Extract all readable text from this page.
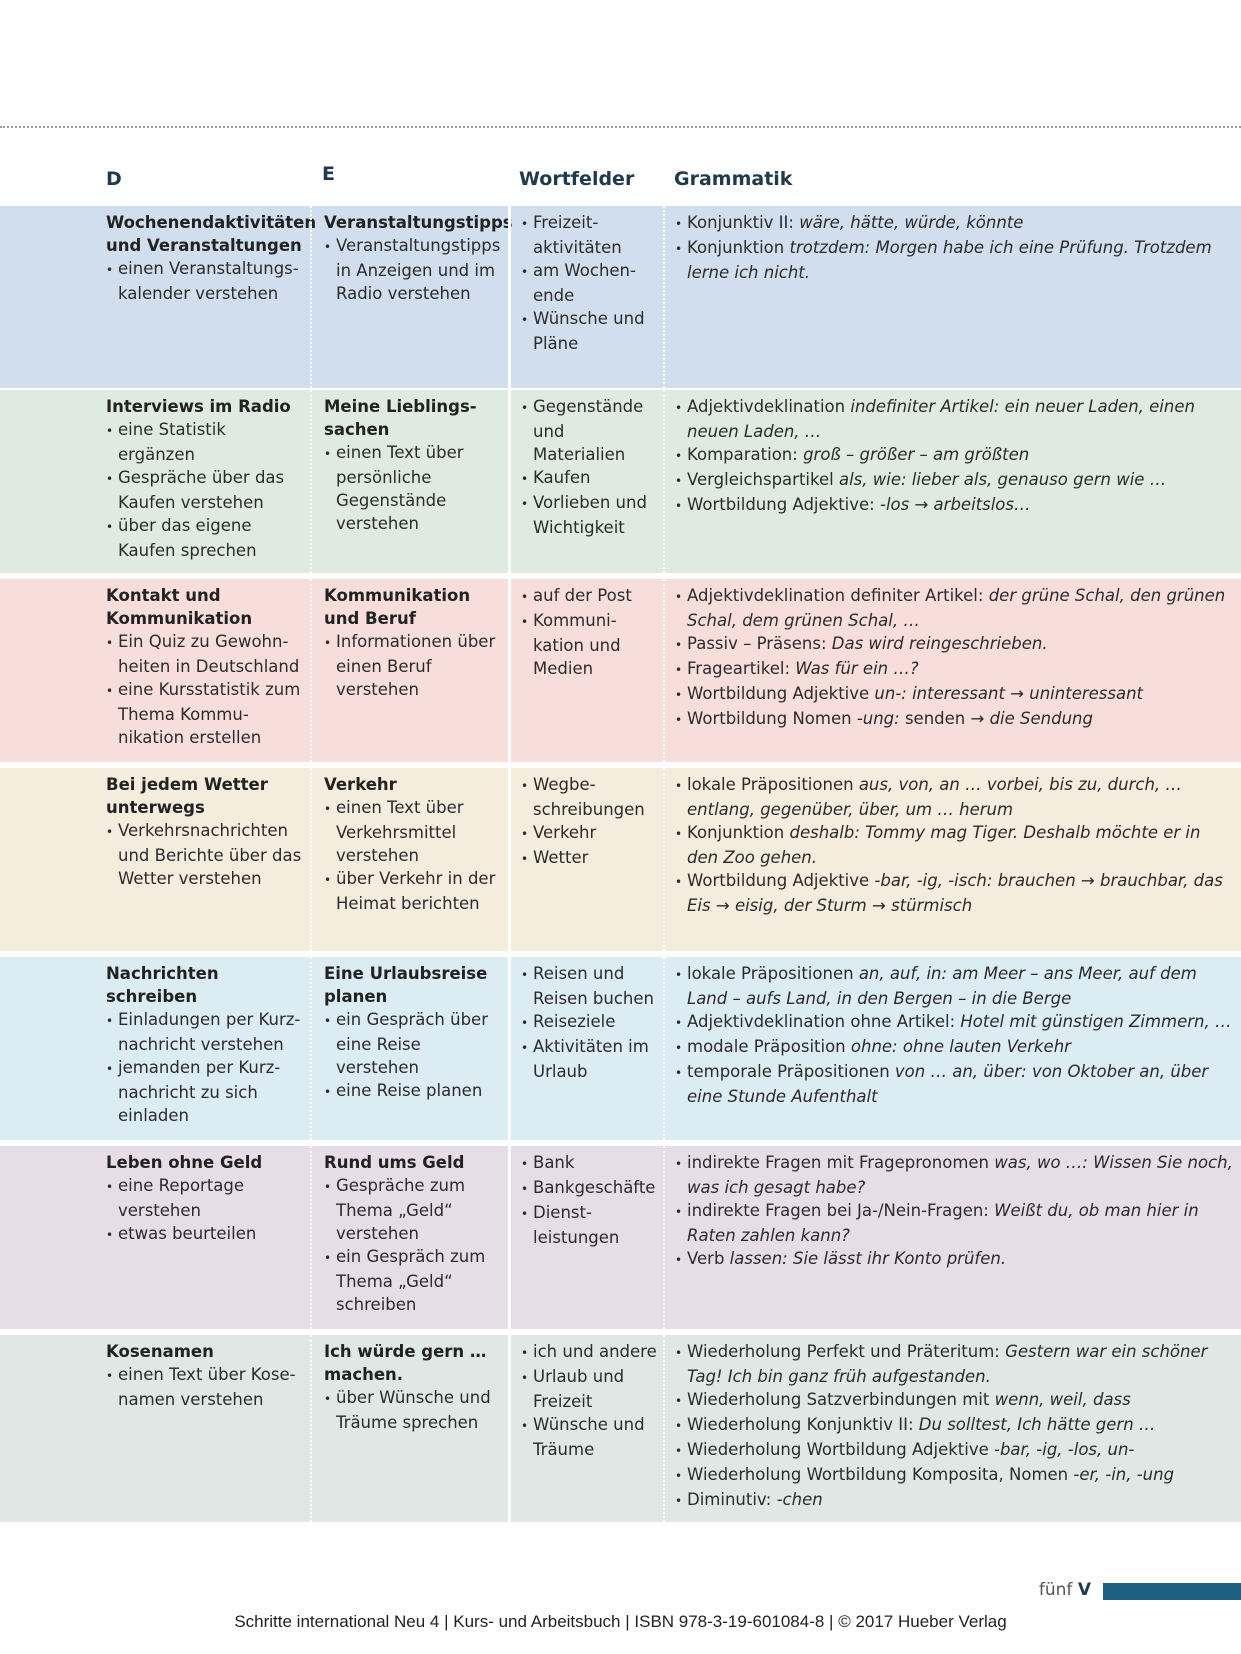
D	E	Wortfelder Grammatik
Wochenendaktivitäten und Veranstaltungen
• einen Veranstaltungs-kalender verstehen
Veranstaltungstipps
• Veranstaltungstipps in Anzeigen und im Radio verstehen
• Freizeit-aktivitäten
• am Wochen-ende
• Wünsche und Pläne
• Konjunktiv II: wäre, hätte, würde, könnte
• Konjunktion trotzdem: Morgen habe ich eine Prüfung. Trotzdem lerne ich nicht.
Interviews im Radio
• eine Statistik ergänzen
• Gespräche über das Kaufen verstehen
• über das eigene Kaufen sprechen
Meine Lieblings-sachen
• einen Text über persönliche Gegenstände verstehen
• Gegenstände und Materialien
• Kaufen
• Vorlieben und Wichtigkeit
• Adjektivdeklination indefiniter Artikel: ein neuer Laden, einen neuen Laden, …
• Komparation: groß – größer – am größten
• Vergleichspartikel als, wie: lieber als, genauso gern wie …
• Wortbildung Adjektive: -los → arbeitslos…
Kontakt und Kommunikation
• Ein Quiz zu Gewohn-heiten in Deutschland
• eine Kursstatistik zum Thema Kommu-nikation erstellen
Kommunikation und Beruf
• Informationen über einen Beruf verstehen
• auf der Post
• Kommuni-kation und Medien
• Adjektivdeklination definiter Artikel: der grüne Schal, den grünen Schal, dem grünen Schal, …
• Passiv – Präsens: Das wird reingeschrieben.
• Frageartikel: Was für ein …?
• Wortbildung Adjektive un-: interessant → uninteressant
• Wortbildung Nomen -ung: senden → die Sendung
Bei jedem Wetter unterwegs
• Verkehrsnachrichten und Berichte über das Wetter verstehen
Verkehr
• einen Text über Verkehrsmittel verstehen
• über Verkehr in der Heimat berichten
• Wegbe-schreibungen
• Verkehr
• Wetter
• lokale Präpositionen aus, von, an … vorbei, bis zu, durch, … entlang, gegenüber, über, um … herum
• Konjunktion deshalb: Tommy mag Tiger. Deshalb möchte er in den Zoo gehen.
• Wortbildung Adjektive -bar, -ig, -isch: brauchen → brauchbar, das Eis → eisig, der Sturm → stürmisch
Nachrichten schreiben
• Einladungen per Kurz-nachricht verstehen
• jemanden per Kurz-nachricht zu sich einladen
Eine Urlaubsreise planen
• ein Gespräch über eine Reise verstehen
• eine Reise planen
• Reisen und Reisen buchen
• Reiseziele
• Aktivitäten im Urlaub
• lokale Präpositionen an, auf, in: am Meer – ans Meer, auf dem Land – aufs Land, in den Bergen – in die Berge
• Adjektivdeklination ohne Artikel: Hotel mit günstigen Zimmern, …
• modale Präposition ohne: ohne lauten Verkehr
• temporale Präpositionen von … an, über: von Oktober an, über eine Stunde Aufenthalt
Leben ohne Geld
• eine Reportage verstehen
• etwas beurteilen
Rund ums Geld
• Gespräche zum Thema „Geld“ verstehen
• ein Gespräch zum Thema „Geld“ schreiben
• Bank
• Bankgeschäfte
• Dienst-leistungen
• indirekte Fragen mit Fragepronomen was, wo …: Wissen Sie noch, was ich gesagt habe?
• indirekte Fragen bei Ja-/Nein-Fragen: Weißt du, ob man hier in Raten zahlen kann?
• Verb lassen: Sie lässt ihr Konto prüfen.
Kosenamen
• einen Text über Kose-namen verstehen
Ich würde gern … machen.
• über Wünsche und Träume sprechen
• ich und andere
• Urlaub und Freizeit
• Wünsche und Träume
• Wiederholung Perfekt und Präteritum: Gestern war ein schöner Tag! Ich bin ganz früh aufgestanden.
• Wiederholung Satzverbindungen mit wenn, weil, dass
• Wiederholung Konjunktiv II: Du solltest, Ich hätte gern …
• Wiederholung Wortbildung Adjektive -bar, -ig, -los, un-
• Wiederholung Wortbildung Komposita, Nomen -er, -in, -ung
• Diminutiv: -chen
fünf V
Schritte international Neu 4 | Kurs- und Arbeitsbuch | ISBN 978-3-19-601084-8 | © 2017 Hueber Verlag
